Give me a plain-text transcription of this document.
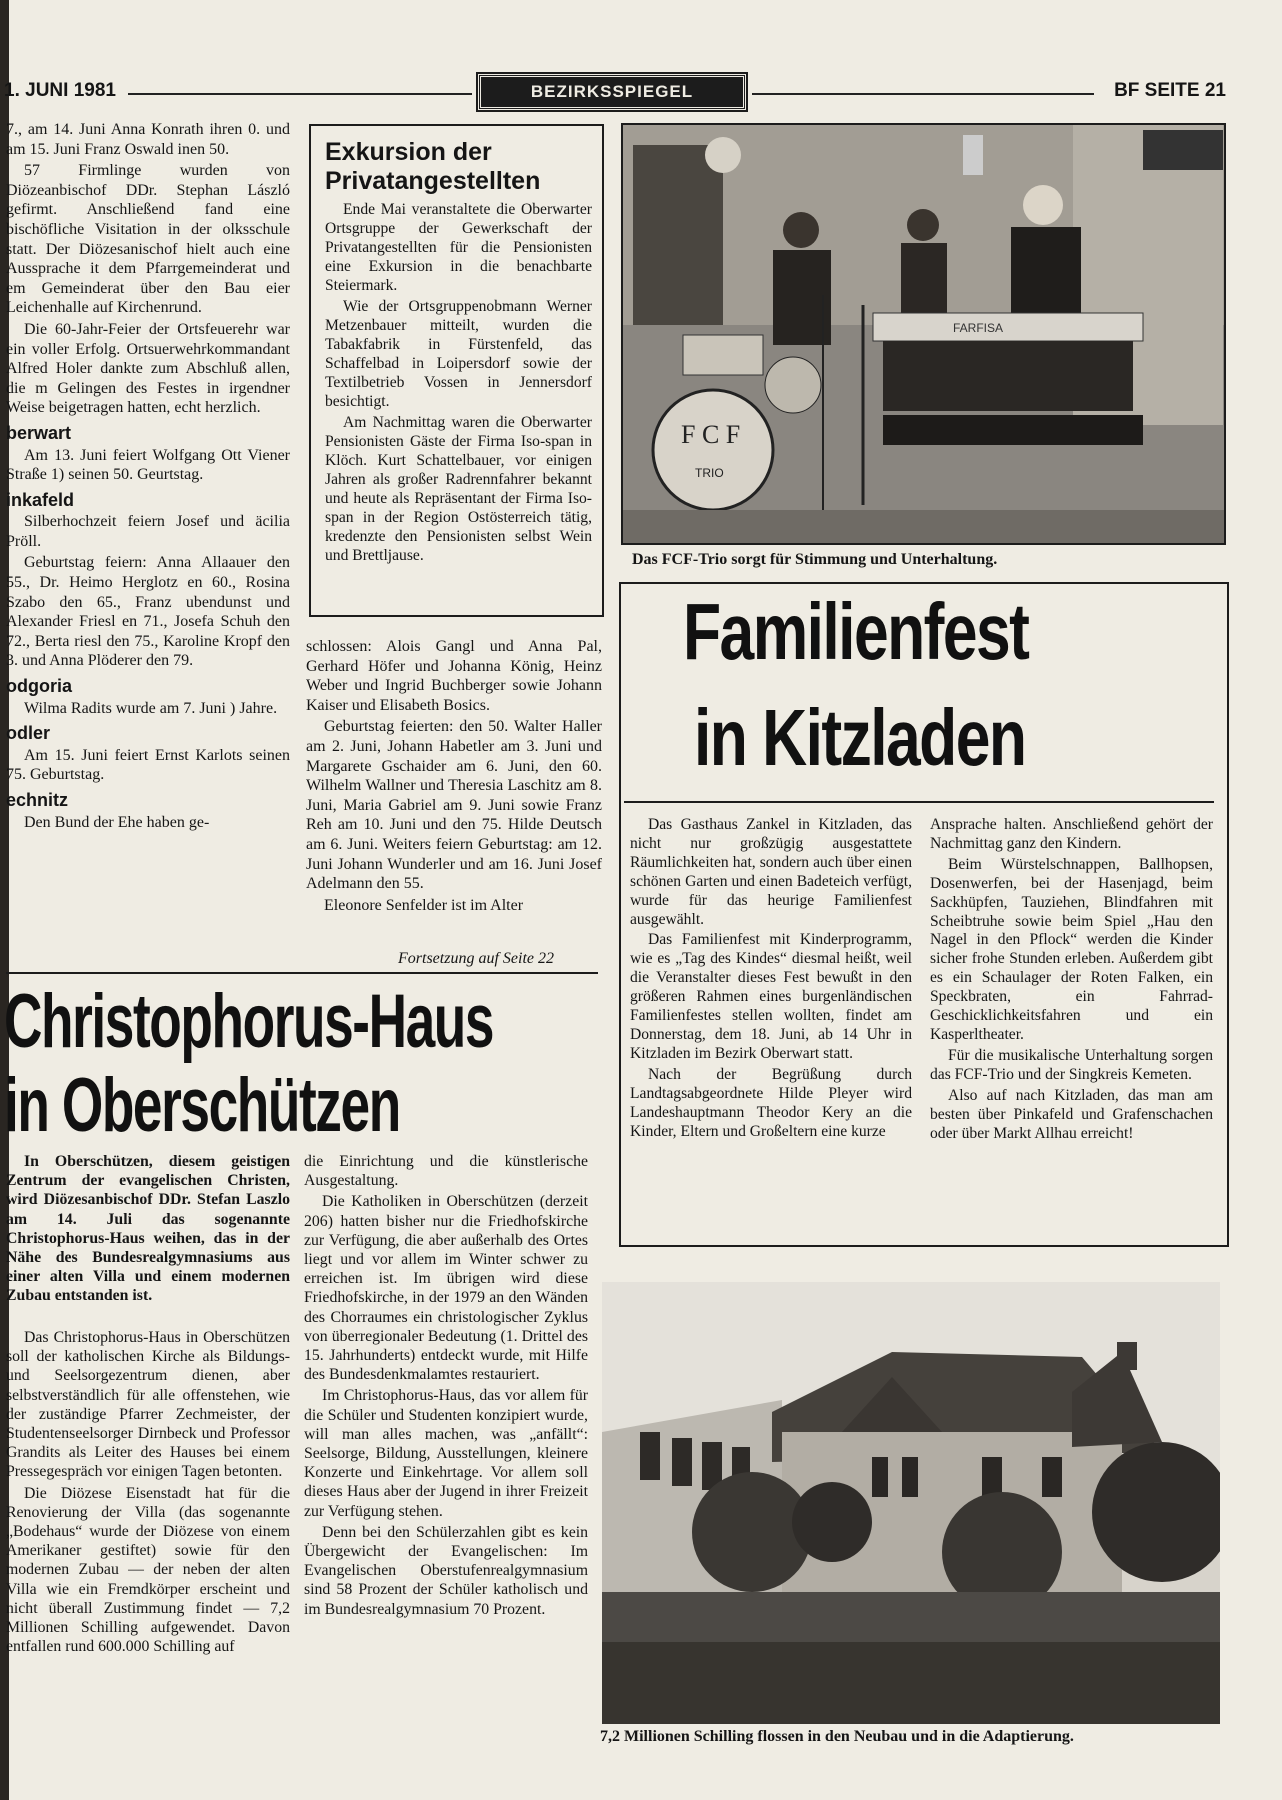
1. JUNI 1981	BEZIRKSSPIEGEL	BF SEITE 21

7., am 14. Juni Anna Konrath ihren 0. und am 15. Juni Franz Oswald inen 50.

57 Firmlinge wurden von Diözeanbischof DDr. Stephan László gefirmt. Anschließend fand eine bischöfliche Visitation in der olksschule statt. Der Diözesanischof hielt auch eine Aussprache it dem Pfarrgemeinderat und em Gemeinderat über den Bau eier Leichenhalle auf Kirchenrund.

Die 60-Jahr-Feier der Ortsfeuerehr war ein voller Erfolg. Ortsuerwehrkommandant Alfred Holer dankte zum Abschluß allen, die m Gelingen des Festes in irgendner Weise beigetragen hatten, echt herzlich.

berwart

Am 13. Juni feiert Wolfgang Ott Viener Straße 1) seinen 50. Geurtstag.

inkafeld

Silberhochzeit feiern Josef und äcilia Pröll.

Geburtstag feiern: Anna Allaauer den 55., Dr. Heimo Herglotz en 60., Rosina Szabo den 65., Franz ubendunst und Alexander Friesl en 71., Josefa Schuh den 72., Berta riesl den 75., Karoline Kropf den 3. und Anna Plöderer den 79.

odgoria

Wilma Radits wurde am 7. Juni ) Jahre.

odler

Am 15. Juni feiert Ernst Karlots seinen 75. Geburtstag.

echnitz

Den Bund der Ehe haben ge-

Exkursion der Privatangestellten

Ende Mai veranstaltete die Oberwarter Ortsgruppe der Gewerkschaft der Privatangestellten für die Pensionisten eine Exkursion in die benachbarte Steiermark.

Wie der Ortsgruppenobmann Werner Metzenbauer mitteilt, wurden die Tabakfabrik in Fürstenfeld, das Schaffelbad in Loipersdorf sowie der Textilbetrieb Vossen in Jennersdorf besichtigt.

Am Nachmittag waren die Oberwarter Pensionisten Gäste der Firma Iso-span in Klöch. Kurt Schattelbauer, vor einigen Jahren als großer Radrennfahrer bekannt und heute als Repräsentant der Firma Iso-span in der Region Ostösterreich tätig, kredenzte den Pensionisten selbst Wein und Brettljause.

schlossen: Alois Gangl und Anna Pal, Gerhard Höfer und Johanna König, Heinz Weber und Ingrid Buchberger sowie Johann Kaiser und Elisabeth Bosics.

Geburtstag feierten: den 50. Walter Haller am 2. Juni, Johann Habetler am 3. Juni und Margarete Gschaider am 6. Juni, den 60. Wilhelm Wallner und Theresia Laschitz am 8. Juni, Maria Gabriel am 9. Juni sowie Franz Reh am 10. Juni und den 75. Hilde Deutsch am 6. Juni. Weiters feiern Geburtstag: am 12. Juni Johann Wunderler und am 16. Juni Josef Adelmann den 55.

Eleonore Senfelder ist im Alter

Fortsetzung auf Seite 22
FARFISA
F C F
TRIO
Das FCF-Trio sorgt für Stimmung und Unterhaltung.
Familienfest
in Kitzladen

Das Gasthaus Zankel in Kitzladen, das nicht nur großzügig ausgestattete Räumlichkeiten hat, sondern auch über einen schönen Garten und einen Badeteich verfügt, wurde für das heurige Familienfest ausgewählt.

Das Familienfest mit Kinderprogramm, wie es „Tag des Kindes“ diesmal heißt, weil die Veranstalter dieses Fest bewußt in den größeren Rahmen eines burgenländischen Familienfestes stellen wollten, findet am Donnerstag, dem 18. Juni, ab 14 Uhr in Kitzladen im Bezirk Oberwart statt.

Nach der Begrüßung durch Landtagsabgeordnete Hilde Pleyer wird Landeshauptmann Theodor Kery an die Kinder, Eltern und Großeltern eine kurze

Ansprache halten. Anschließend gehört der Nachmittag ganz den Kindern.

Beim Würstelschnappen, Ballhopsen, Dosenwerfen, bei der Hasenjagd, beim Sackhüpfen, Tauziehen, Blindfahren mit Scheibtruhe sowie beim Spiel „Hau den Nagel in den Pflock“ werden die Kinder sicher frohe Stunden erleben. Außerdem gibt es ein Schaulager der Roten Falken, ein Speckbraten, ein Fahrrad-Geschicklichkeitsfahren und ein Kasperltheater.

Für die musikalische Unterhaltung sorgen das FCF-Trio und der Singkreis Kemeten.

Also auf nach Kitzladen, das man am besten über Pinkafeld und Grafenschachen oder über Markt Allhau erreicht!

Christophorus-Haus
in Oberschützen

In Oberschützen, diesem geistigen Zentrum der evangelischen Christen, wird Diözesanbischof DDr. Stefan Laszlo am 14. Juli das sogenannte Christophorus-Haus weihen, das in der Nähe des Bundesrealgymnasiums aus einer alten Villa und einem modernen Zubau entstanden ist.

Das Christophorus-Haus in Oberschützen soll der katholischen Kirche als Bildungs- und Seelsorgezentrum dienen, aber selbstverständlich für alle offenstehen, wie der zuständige Pfarrer Zechmeister, der Studentenseelsorger Dirnbeck und Professor Grandits als Leiter des Hauses bei einem Pressegespräch vor einigen Tagen betonten.

Die Diözese Eisenstadt hat für die Renovierung der Villa (das sogenannte „Bodehaus“ wurde der Diözese von einem Amerikaner gestiftet) sowie für den modernen Zubau — der neben der alten Villa wie ein Fremdkörper erscheint und nicht überall Zustimmung findet — 7,2 Millionen Schilling aufgewendet. Davon entfallen rund 600.000 Schilling auf

die Einrichtung und die künstlerische Ausgestaltung.

Die Katholiken in Oberschützen (derzeit 206) hatten bisher nur die Friedhofskirche zur Verfügung, die aber außerhalb des Ortes liegt und vor allem im Winter schwer zu erreichen ist. Im übrigen wird diese Friedhofskirche, in der 1979 an den Wänden des Chorraumes ein christologischer Zyklus von überregionaler Bedeutung (1. Drittel des 15. Jahrhunderts) entdeckt wurde, mit Hilfe des Bundesdenkmalamtes restauriert.

Im Christophorus-Haus, das vor allem für die Schüler und Studenten konzipiert wurde, will man alles machen, was „anfällt“: Seelsorge, Bildung, Ausstellungen, kleinere Konzerte und Einkehrtage. Vor allem soll dieses Haus aber der Jugend in ihrer Freizeit zur Verfügung stehen.

Denn bei den Schülerzahlen gibt es kein Übergewicht der Evangelischen: Im Evangelischen Oberstufenrealgymnasium sind 58 Prozent der Schüler katholisch und im Bundesrealgymnasium 70 Prozent.

7,2 Millionen Schilling flossen in den Neubau und in die Adaptierung.
